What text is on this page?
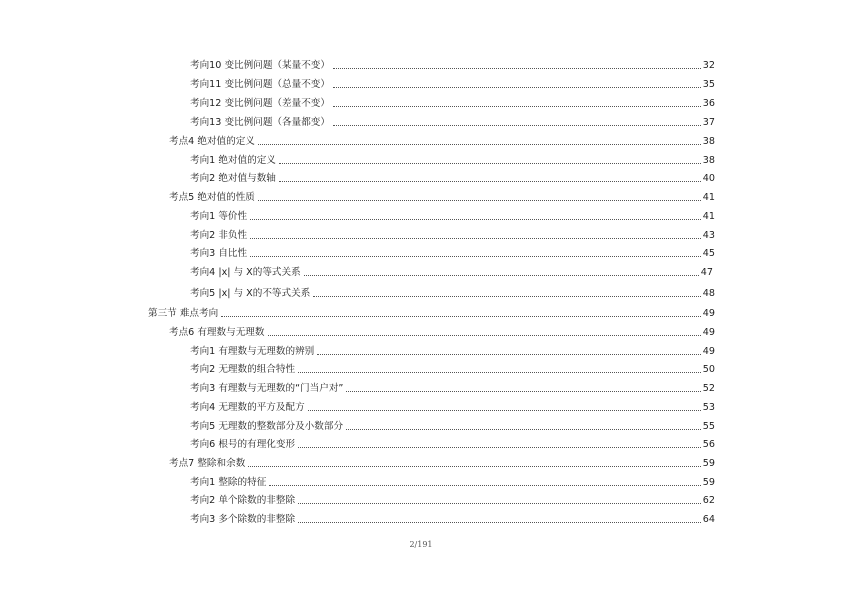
考向10 变比例问题（某量不变）	32
考向11 变比例问题（总量不变）	35
考向12 变比例问题（差量不变）	36
考向13 变比例问题（各量都变）	37
考点4 绝对值的定义	38
考向1 绝对值的定义	38
考向2 绝对值与数轴	40
考点5 绝对值的性质	41
考向1 等价性	41
考向2 非负性	43
考向3 自比性	45
考向4 |x| 与 X的等式关系	47
考向5 |x| 与 X的不等式关系	48
第三节 难点考向	49
考点6 有理数与无理数	49
考向1 有理数与无理数的辨别	49
考向2 无理数的组合特性	50
考向3 有理数与无理数的“门当户对”	52
考向4 无理数的平方及配方	53
考向5 无理数的整数部分及小数部分	55
考向6 根号的有理化变形	56
考点7 整除和余数	59
考向1 整除的特征	59
考向2 单个除数的非整除	62
考向3 多个除数的非整除	64
2/191
